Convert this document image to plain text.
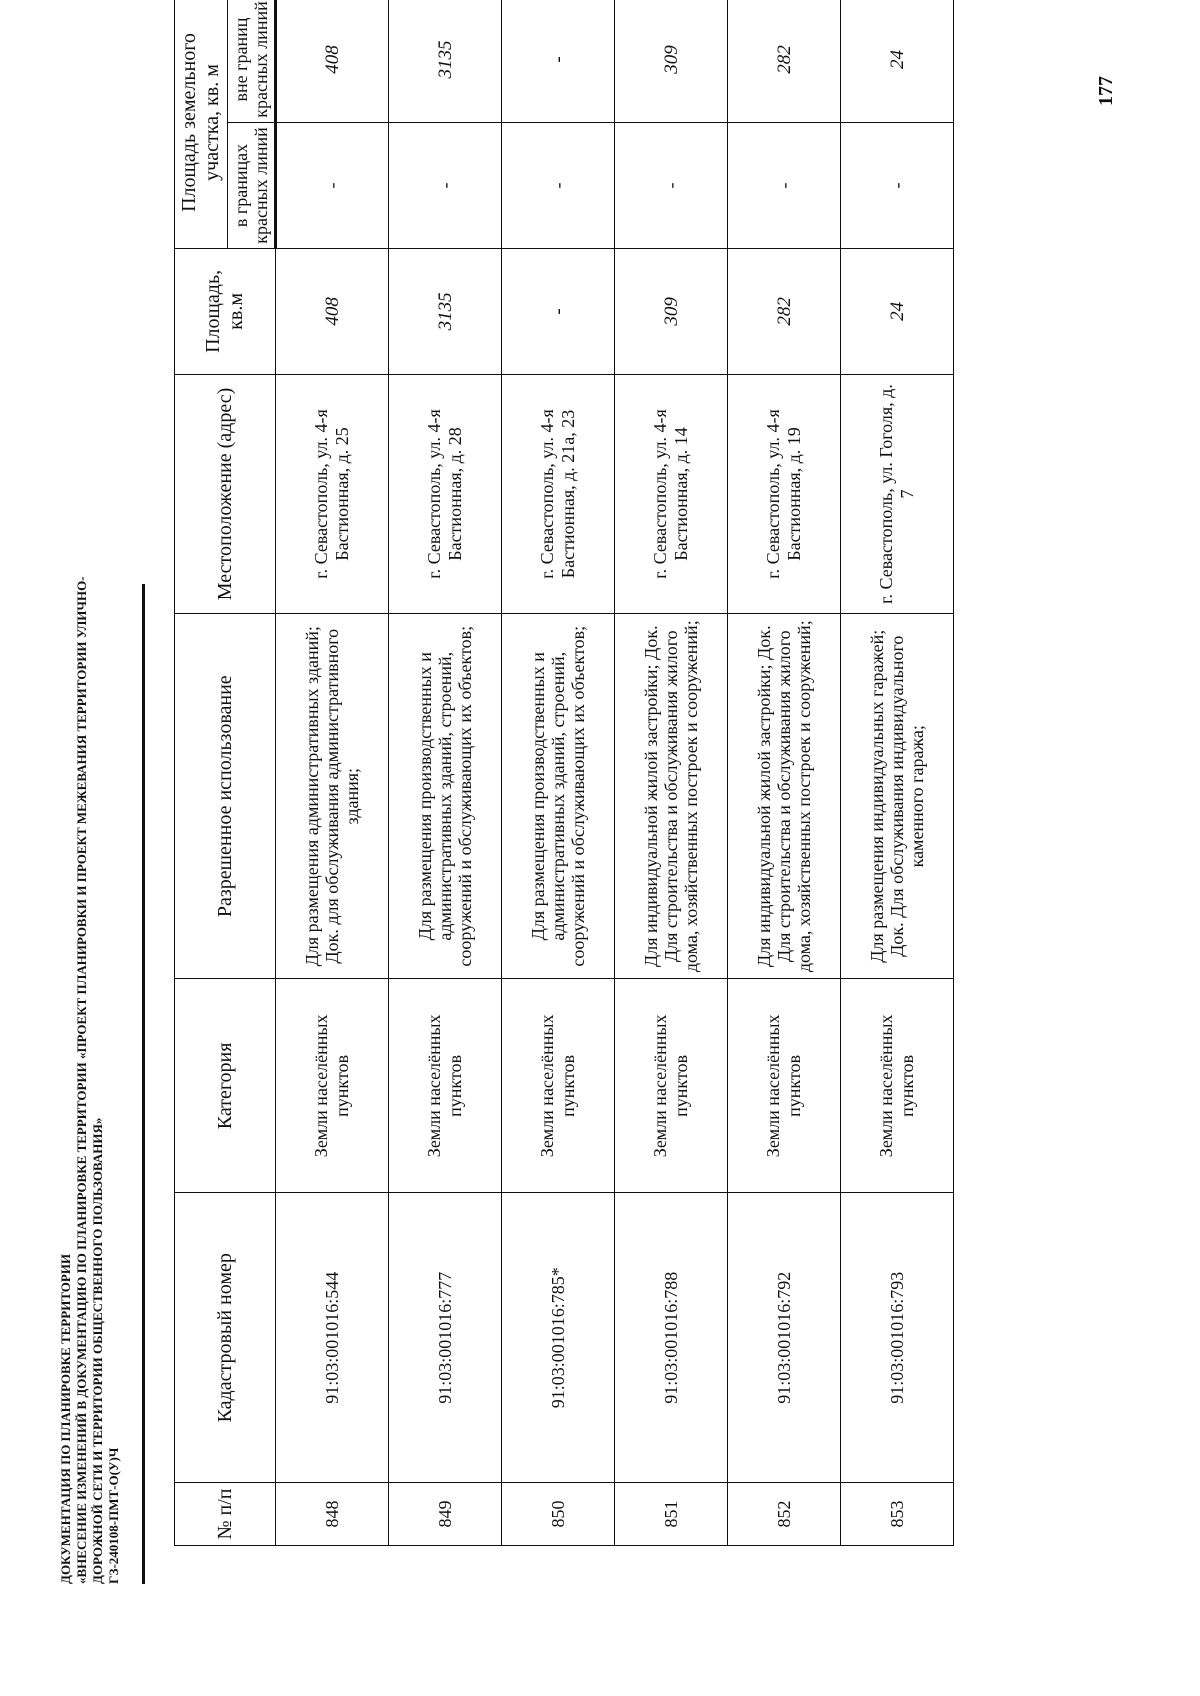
177
ДОКУМЕНТАЦИЯ ПО ПЛАНИРОВКЕ ТЕРРИТОРИИ «ВНЕСЕНИЕ ИЗМЕНЕНИЙ В ДОКУМЕНТАЦИЮ ПО ПЛАНИРОВКЕ ТЕРРИТОРИИ «ПРОЕКТ ПЛАНИРОВКИ И ПРОЕКТ МЕЖЕВАНИЯ ТЕРРИТОРИИ УЛИЧНО- ДОРОЖНОЙ СЕТИ И ТЕРРИТОРИИ ОБЩЕСТВЕННОГО ПОЛЬЗОВАНИЯ» ГЗ-240108-ПМТ-О(У)Ч	№ п/п	Кадастровый номер	Категория	Разрешенное использование	Местоположение (адрес)	Площадь, кв.м	Площадь земельного участка, кв. м	
						в границах красных линий	вне границ красных линий
848	91:03:001016:544	Земли населённых пунктов	Для размещения административных зданий; Док. для обслуживания административного здания;	г. Севастополь, ул. 4-я Бастионная, д. 25	408	-	408
849	91:03:001016:777	Земли населённых пунктов	Для размещения производственных и административных зданий, строений, сооружений и обслуживающих их объектов;	г. Севастополь, ул. 4-я Бастионная, д. 28	3135	-	3135
850	91:03:001016:785*	Земли населённых пунктов	Для размещения производственных и административных зданий, строений, сооружений и обслуживающих их объектов;	г. Севастополь, ул. 4-я Бастионная, д. 21а, 23	-	-	-
851	91:03:001016:788	Земли населённых пунктов	Для индивидуальной жилой застройки; Док. Для строительства и обслуживания жилого дома, хозяйственных построек и сооружений;	г. Севастополь, ул. 4-я Бастионная, д. 14	309	-	309
852	91:03:001016:792	Земли населённых пунктов	Для индивидуальной жилой застройки; Док. Для строительства и обслуживания жилого дома, хозяйственных построек и сооружений;	г. Севастополь, ул. 4-я Бастионная, д. 19	282	-	282
853	91:03:001016:793	Земли населённых пунктов	Для размещения индивидуальных гаражей; Док. Для обслуживания индивидуального каменного гаража;	г. Севастополь, ул. Гоголя, д. 7	24	-	24
